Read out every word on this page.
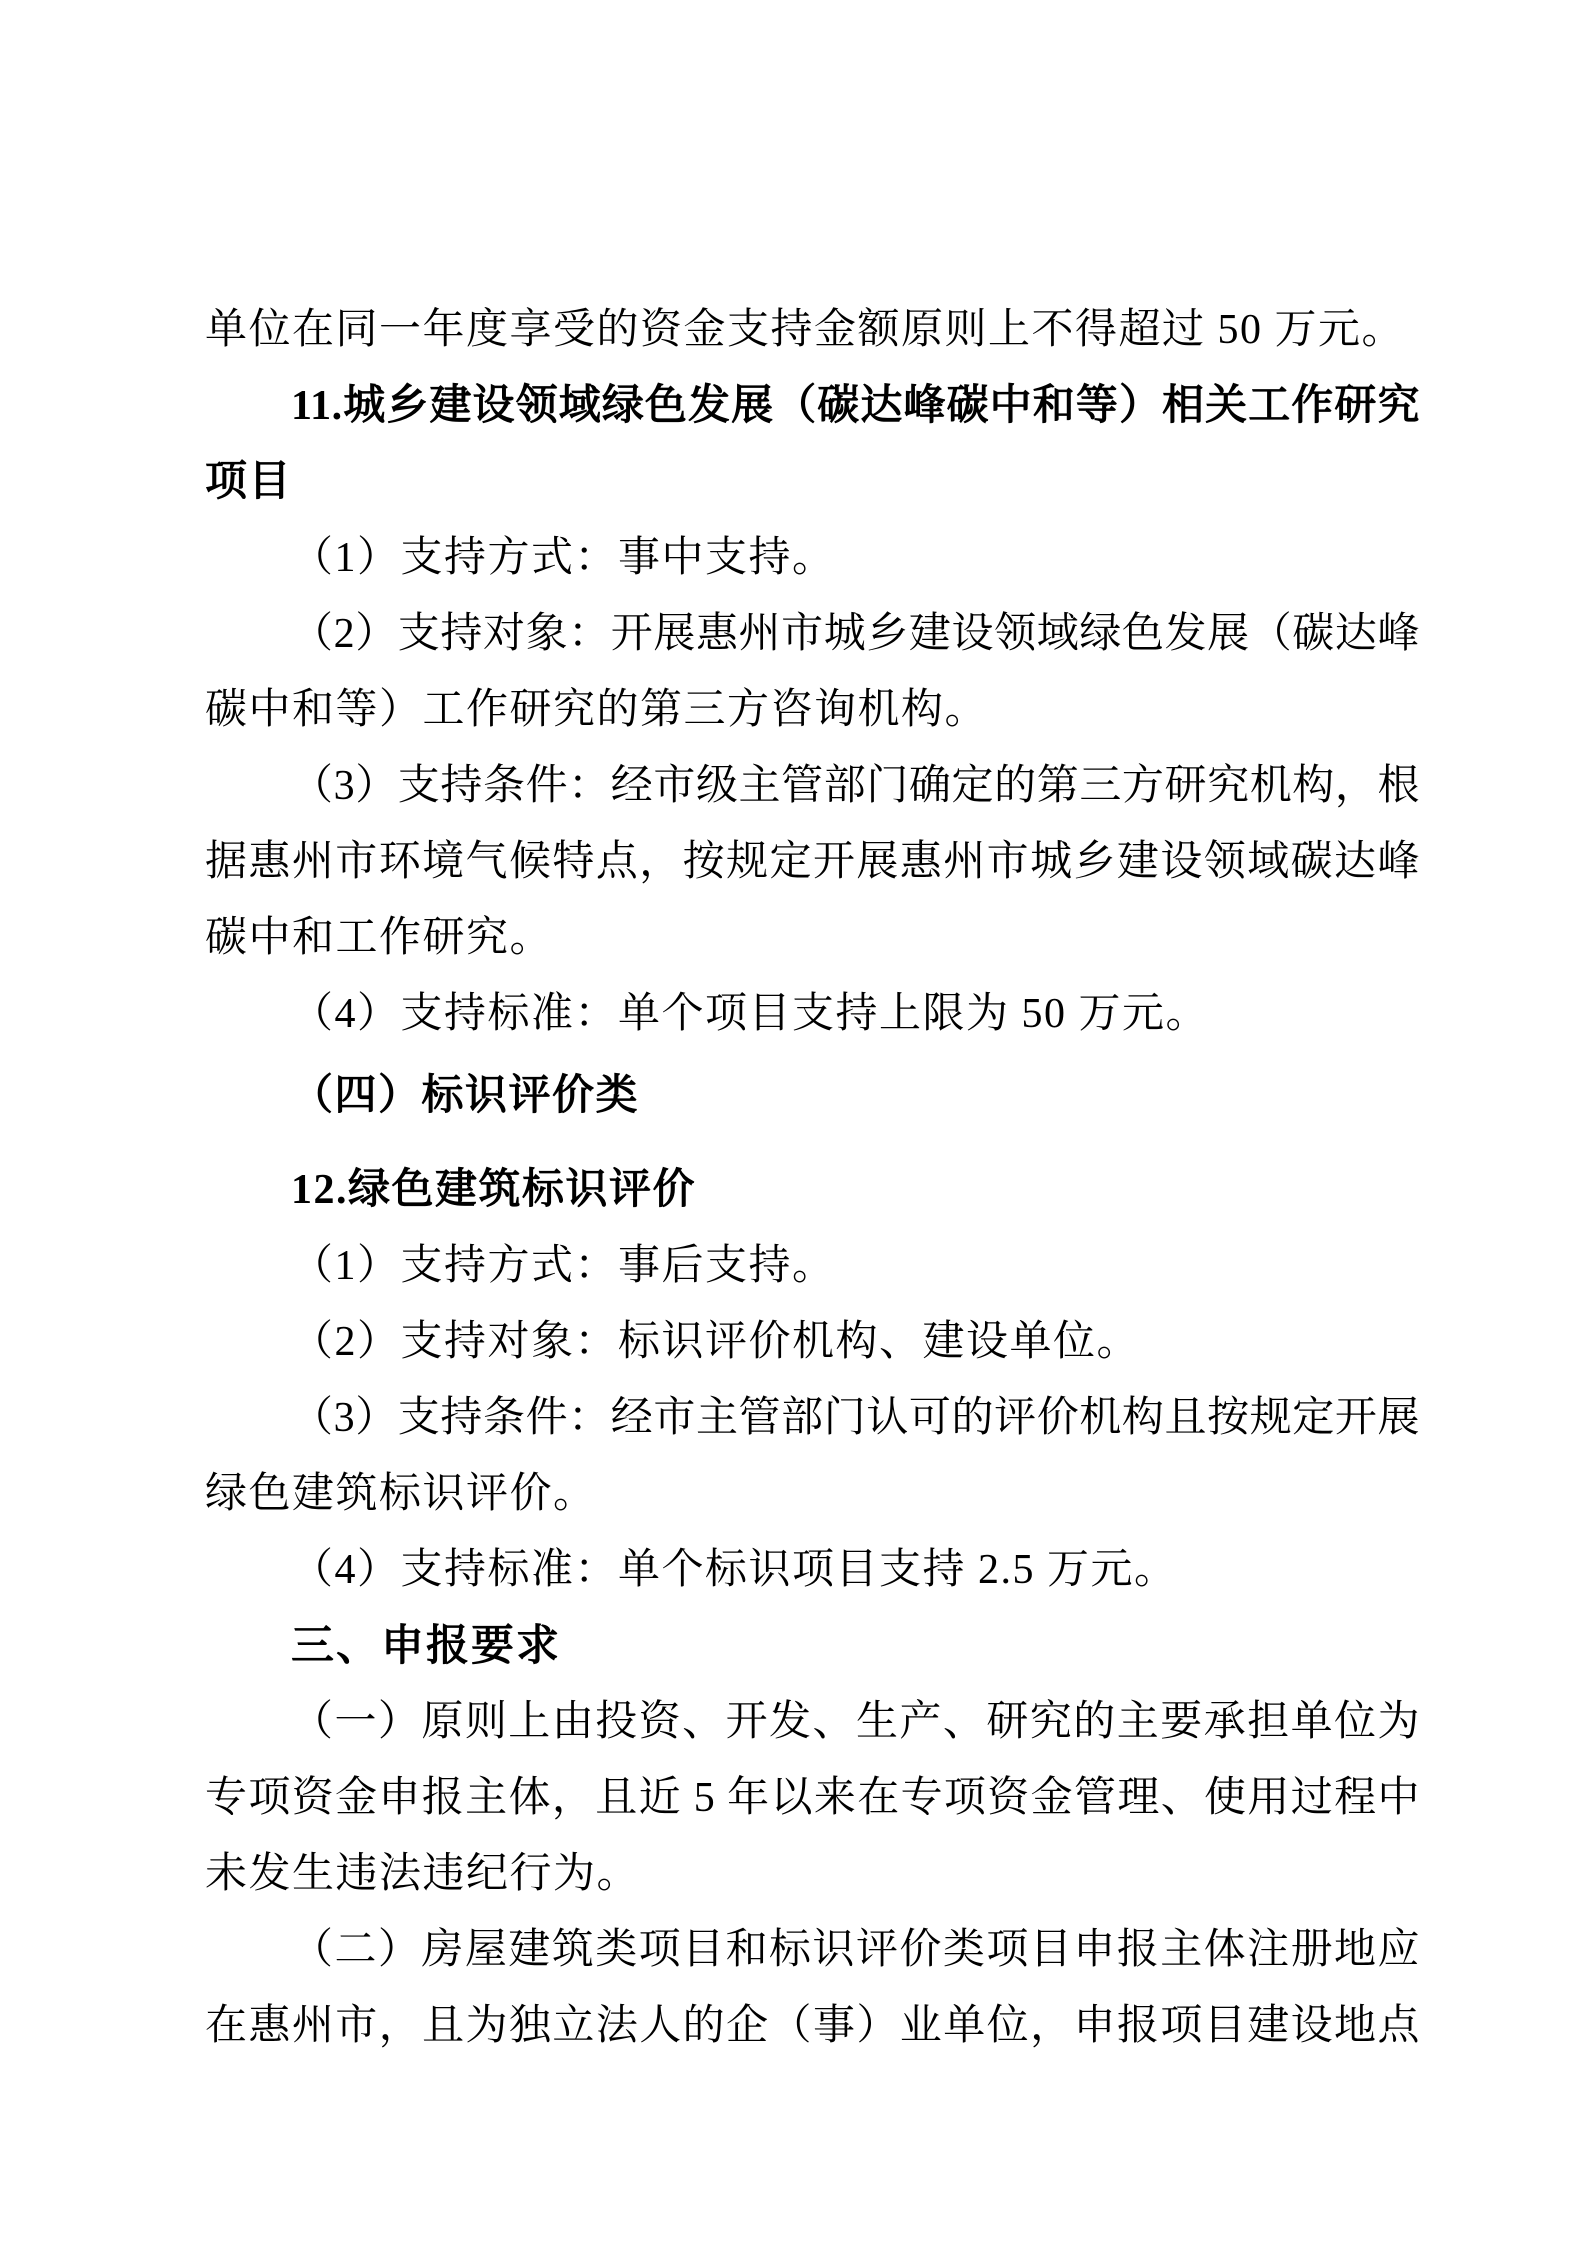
单位在同一年度享受的资金支持金额原则上不得超过 50 万元。
11.城乡建设领域绿色发展（碳达峰碳中和等）相关工作研究
项目
（1）支持方式：事中支持。
（2）支持对象：开展惠州市城乡建设领域绿色发展（碳达峰
碳中和等）工作研究的第三方咨询机构。
（3）支持条件：经市级主管部门确定的第三方研究机构，根
据惠州市环境气候特点，按规定开展惠州市城乡建设领域碳达峰
碳中和工作研究。
（4）支持标准：单个项目支持上限为 50 万元。
（四）标识评价类
12.绿色建筑标识评价
（1）支持方式：事后支持。
（2）支持对象：标识评价机构、建设单位。
（3）支持条件：经市主管部门认可的评价机构且按规定开展
绿色建筑标识评价。
（4）支持标准：单个标识项目支持 2.5 万元。
三、申报要求
（一）原则上由投资、开发、生产、研究的主要承担单位为
专项资金申报主体，且近 5 年以来在专项资金管理、使用过程中
未发生违法违纪行为。
（二）房屋建筑类项目和标识评价类项目申报主体注册地应
在惠州市，且为独立法人的企（事）业单位，申报项目建设地点
